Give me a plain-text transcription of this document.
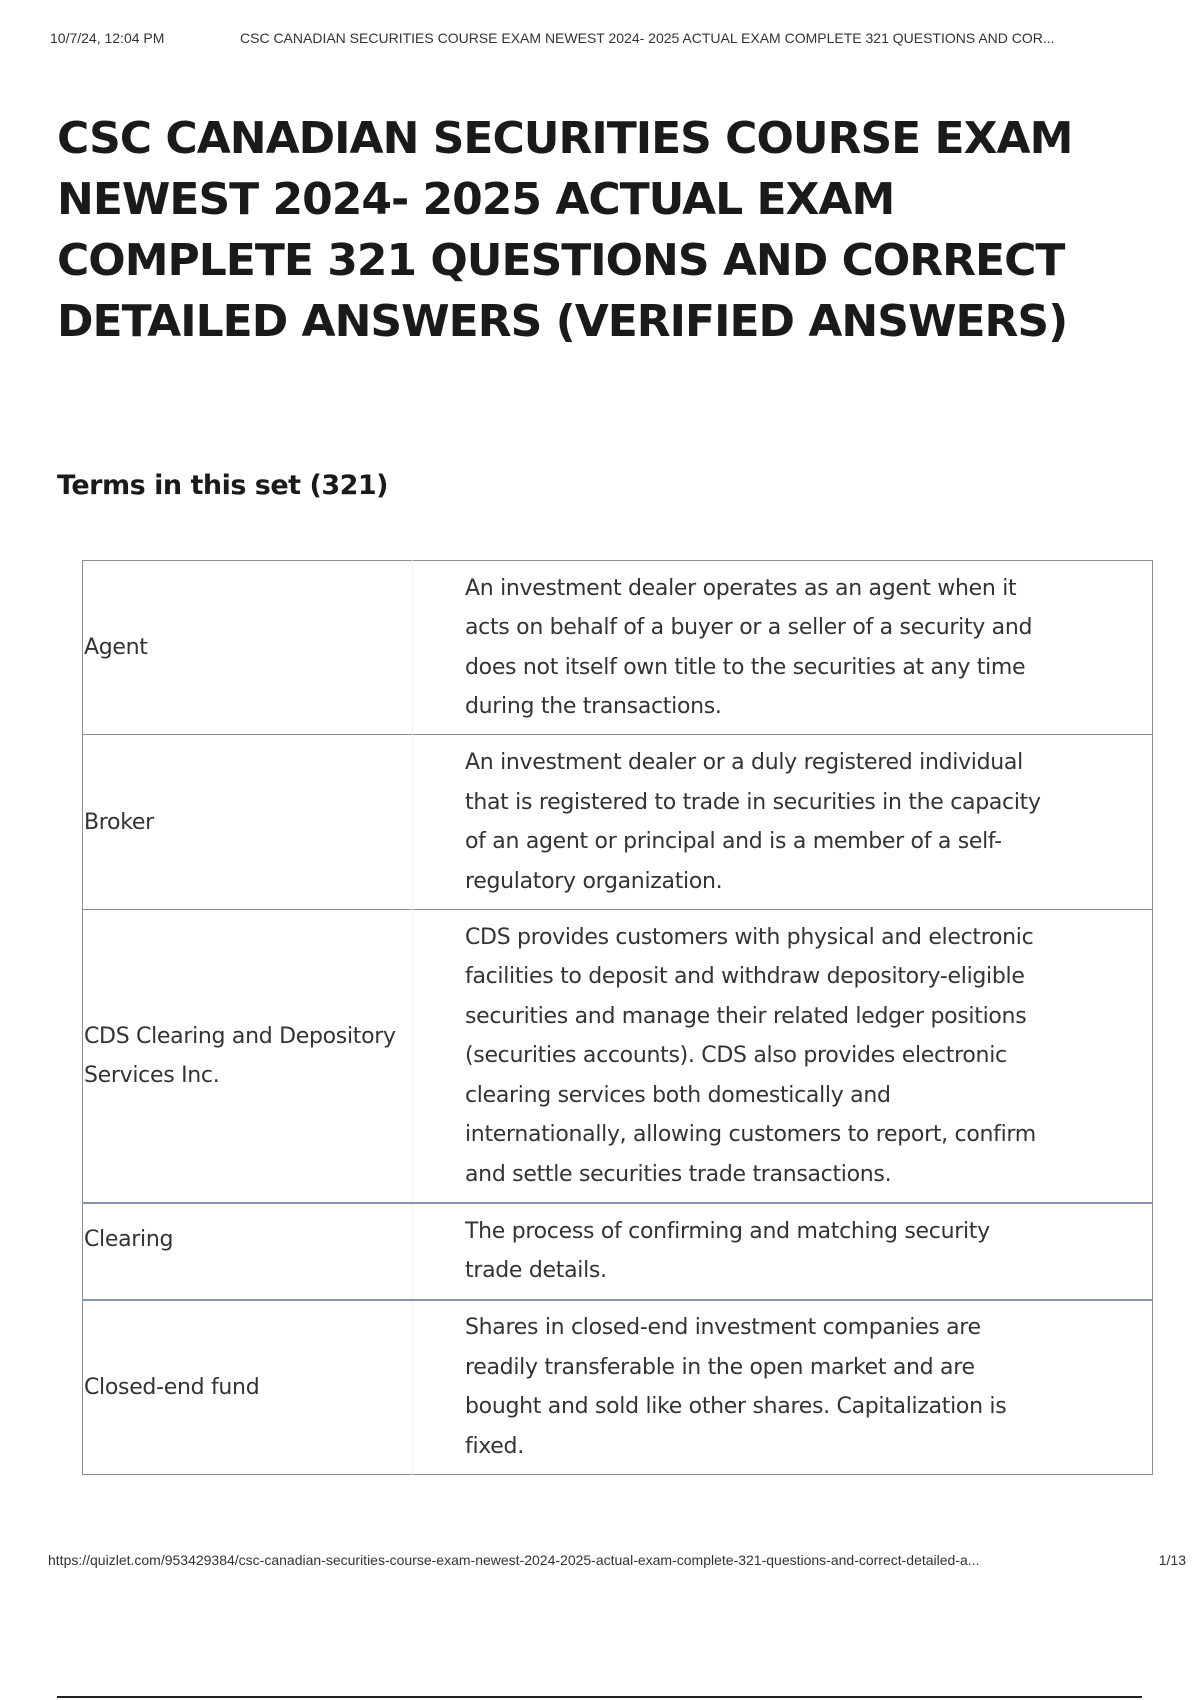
10/7/24, 12:04 PM	CSC CANADIAN SECURITIES COURSE EXAM NEWEST 2024- 2025 ACTUAL EXAM COMPLETE 321 QUESTIONS AND COR...
CSC CANADIAN SECURITIES COURSE EXAM NEWEST 2024- 2025 ACTUAL EXAM COMPLETE 321 QUESTIONS AND CORRECT DETAILED ANSWERS (VERIFIED ANSWERS)
Terms in this set (321)
Agent	An investment dealer operates as an agent when it acts on behalf of a buyer or a seller of a security and does not itself own title to the securities at any time during the transactions.
Broker	An investment dealer or a duly registered individual that is registered to trade in securities in the capacity of an agent or principal and is a member of a self-regulatory organization.
CDS Clearing and Depository Services Inc.	CDS provides customers with physical and electronic facilities to deposit and withdraw depository-eligible securities and manage their related ledger positions (securities accounts). CDS also provides electronic clearing services both domestically and internationally, allowing customers to report, confirm and settle securities trade transactions.
Clearing	The process of confirming and matching security trade details.
Closed-end fund	Shares in closed-end investment companies are readily transferable in the open market and are bought and sold like other shares. Capitalization is fixed.
https://quizlet.com/953429384/csc-canadian-securities-course-exam-newest-2024-2025-actual-exam-complete-321-questions-and-correct-detailed-a...	1/13
